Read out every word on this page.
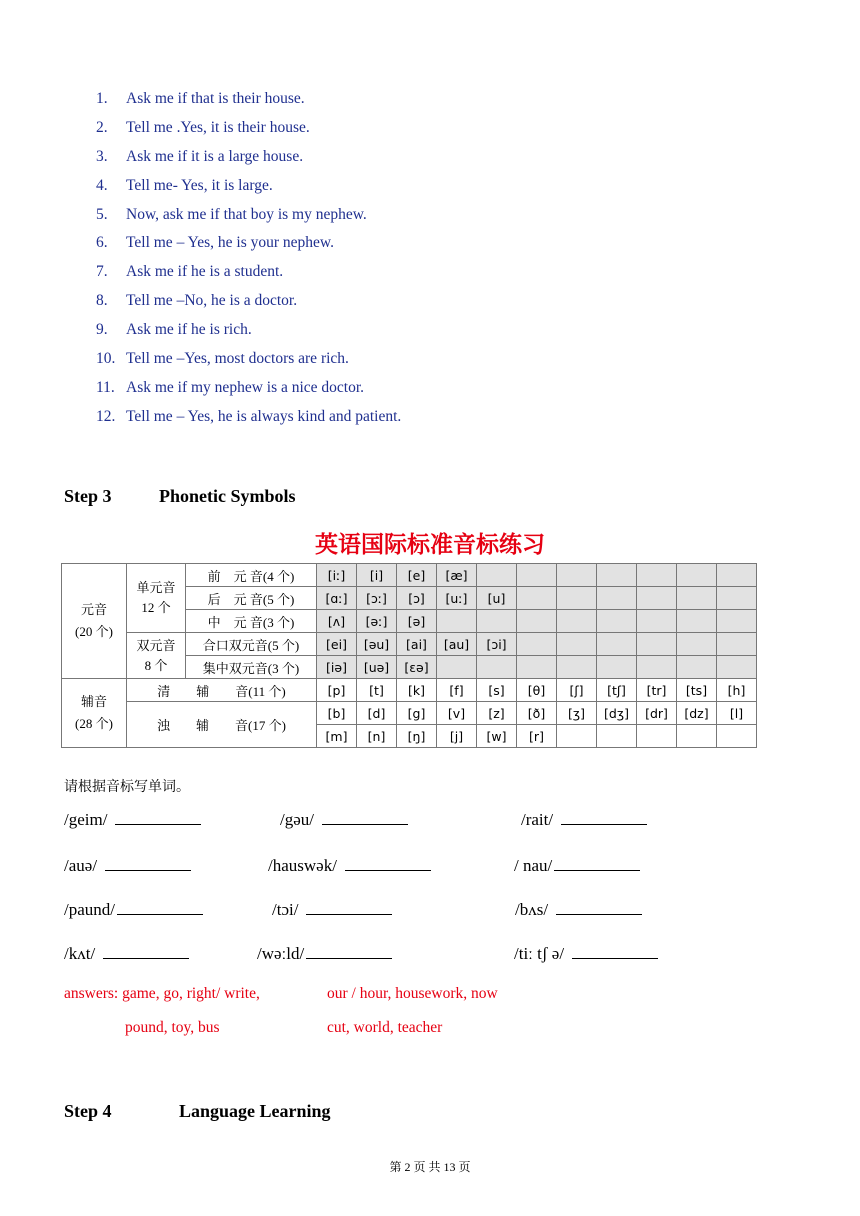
1. Ask me if that is their house.
2. Tell me .Yes, it is their house.
3. Ask me if it is a large house.
4. Tell me- Yes, it is large.
5. Now, ask me if that boy is my nephew.
6. Tell me – Yes, he is your nephew.
7. Ask me if he is a student.
8. Tell me –No, he is a doctor.
9. Ask me if he is rich.
10. Tell me –Yes, most doctors are rich.
11. Ask me if my nephew is a nice doctor.
12. Tell me – Yes, he is always kind and patient.
Step 3	Phonetic Symbols
英语国际标准音标练习
元音
(20 个)	单元音
12 个	前　元 音(4 个)	[iː]	[i]	[e]	[æ]							
		后　元 音(5 个)	[ɑː]	[ɔː]	[ɔ]	[uː]	[u]						
		中　元 音(3 个)	[ʌ]	[əː]	[ə]								
	双元音
8 个	合口双元音(5 个)	[ei]	[əu]	[ai]	[au]	[ɔi]						
		集中双元音(3 个)	[iə]	[uə]	[ɛə]								
辅音
(28 个)	清　　辅　　音(11 个)		[p]	[t]	[k]	[f]	[s]	[θ]	[ʃ]	[tʃ]	[tr]	[ts]	[h]
	浊　　辅　　音(17 个)		[b]	[d]	[g]	[v]	[z]	[ð]	[ʒ]	[dʒ]	[dr]	[dz]	[l]
			[m]	[n]	[ŋ]	[j]	[w]	[r]					
请根据音标写单词。
/geim/	/gəu/	/rait/
/auə/	/hauswək/	/ nau/
/paund/	/tɔi/	/bʌs/
/kʌt/	/wəːld/	/tiː tʃ ə/
answers: game, go, right/ write,	our / hour, housework, now
pound, toy, bus	cut, world, teacher
Step 4	Language Learning
第 2 页 共 13 页
